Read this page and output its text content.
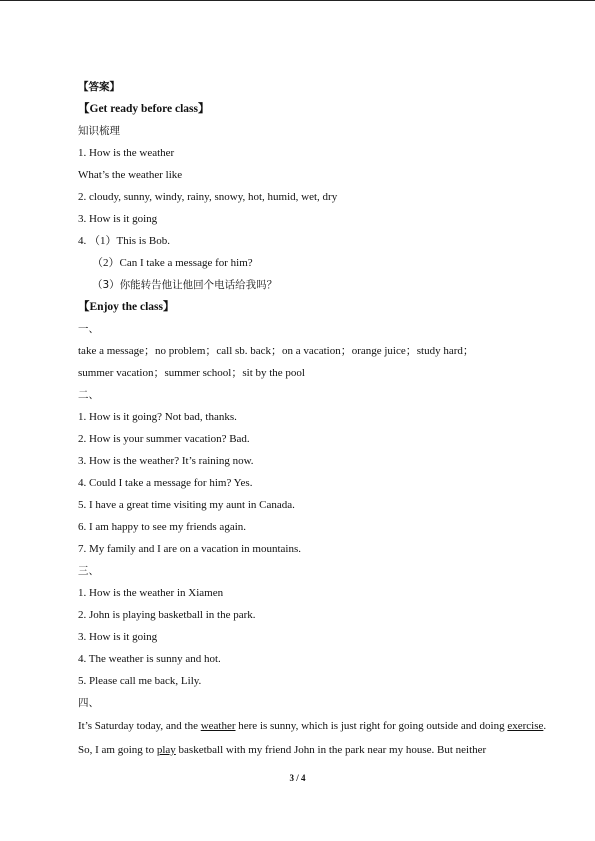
【答案】
【Get ready before class】
知识梳理
1. How is the weather
What’s the weather like
2. cloudy, sunny, windy, rainy, snowy, hot, humid, wet, dry
3. How is it going
4. （1）This is Bob.
（2）Can I take a message for him?
（3）你能转告他让他回个电话给我吗？
【Enjoy the class】
一、
take a message；no problem；call sb. back；on a vacation；orange juice；study hard；
summer vacation；summer school；sit by the pool
二、
1. How is it going? Not bad, thanks.
2. How is your summer vacation? Bad.
3. How is the weather? It’s raining now.
4. Could I take a message for him? Yes.
5. I have a great time visiting my aunt in Canada.
6. I am happy to see my friends again.
7. My family and I are on a vacation in mountains.
三、
1. How is the weather in Xiamen
2. John is playing basketball in the park.
3. How is it going
4. The weather is sunny and hot.
5. Please call me back, Lily.
四、
It’s Saturday today, and the weather here is sunny, which is just right for going outside and doing exercise. So, I am going to play basketball with my friend John in the park near my house. But neither
3 / 4
